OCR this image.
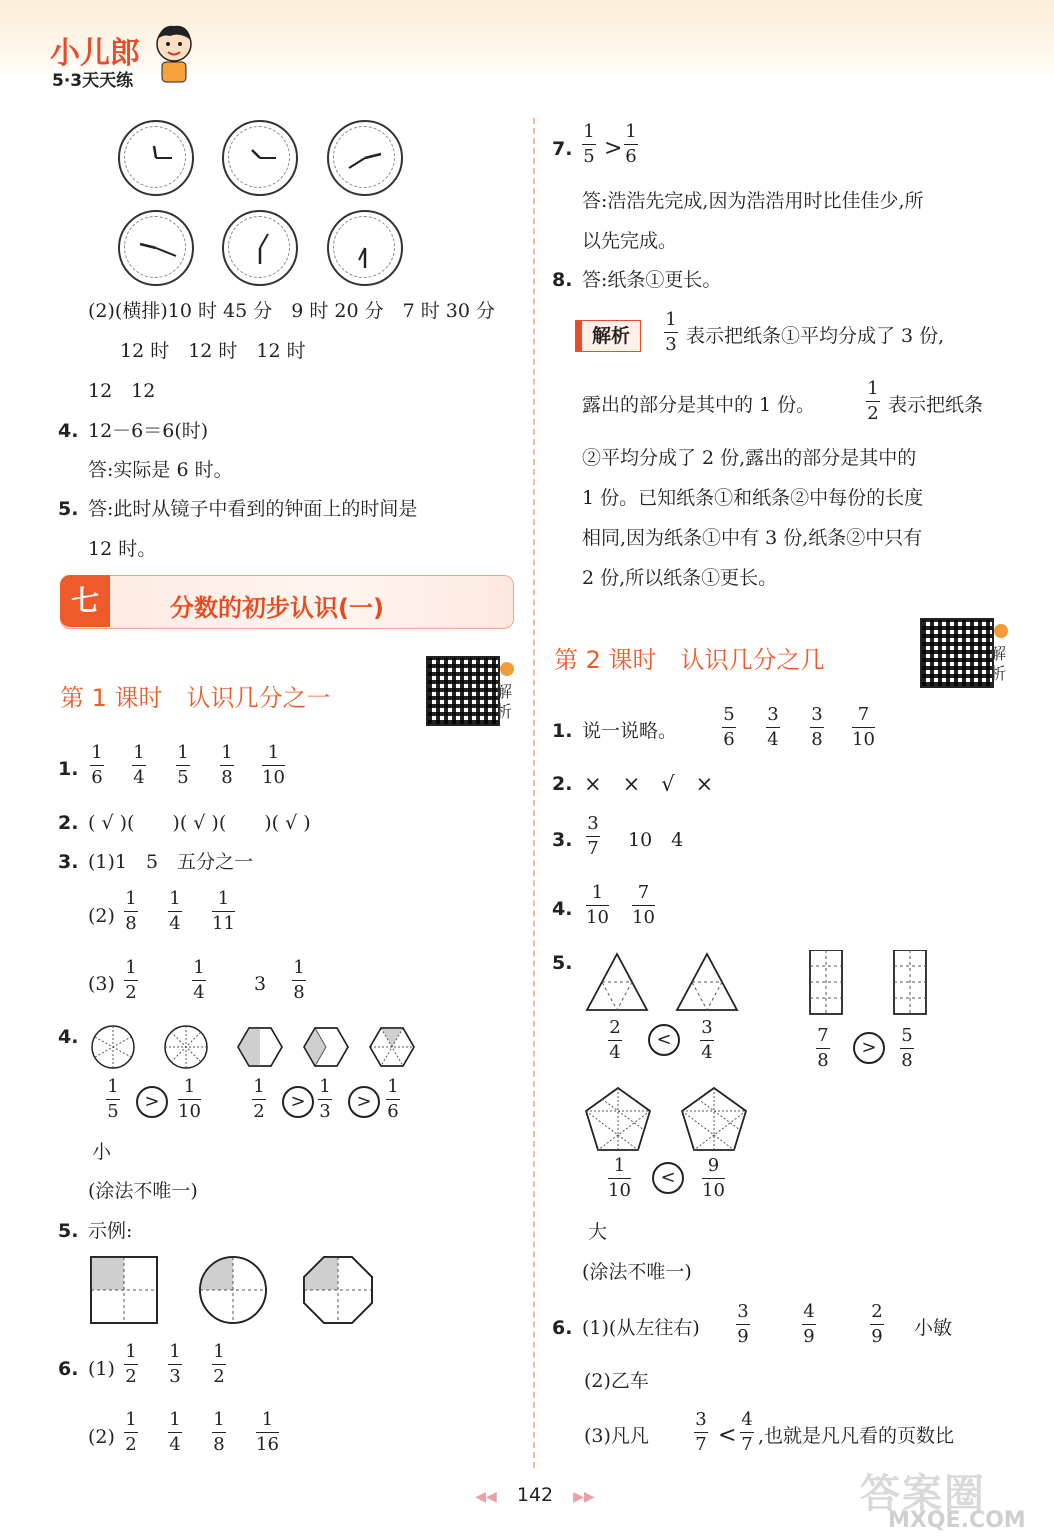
小儿郎
5·3天天练
(2)(横排)10 时 45 分　9 时 20 分　7 时 30 分
12 时　12 时　12 时
12　12
4. 12－6＝6(时)
答:实际是 6 时。
5. 答:此时从镜子中看到的钟面上的时间是
12 时。
七	分数的初步认识(一)
第 1 课时　认识几分之一	解
析
1.
1
6
1
4
1
5
1
8
1
10
2. ( √ )(　　)( √ )(　　)( √ )
3. (1)1　5　五分之一
(2)
1
8
1
4
1
11
(3)
1
2
1
4
1
8
3
4.
1
5
1
10
1
2
1
3
1
6
小
(涂法不唯一)
5. 示例:
6. (1)
1
2
1
3
1
2
(2)
1
2
1
4
1
8
1
16
7.
1
5
1
6
>
答:浩浩先完成,因为浩浩用时比佳佳少,所
以先完成。
8. 答:纸条①更长。
解析
1
3 表示把纸条①平均分成了 3 份,
露出的部分是其中的 1 份。
1
2 表示把纸条
②平均分成了 2 份,露出的部分是其中的
1 份。已知纸条①和纸条②中每份的长度
相同,因为纸条①中有 3 份,纸条②中只有
2 份,所以纸条①更长。
第 2 课时　认识几分之几	解
析
1. 说一说略。
5
6
3
4
3
8
7
10
2. ×　×　√　×
3.
3
7 10　4
4.
1
10
7
10
5.
2
4
3
4
<	7
8
5
8
>
1
10
9
10
<
大
(涂法不唯一)
6. (1)(从左往右)
3
9
4
9
2
9 小敏
(2)乙车
(3)凡凡
3
7
4
7
< ,也就是凡凡看的页数比
◀◀ 142 ▶▶	答案圈
MXQE.COM
>	>	>
